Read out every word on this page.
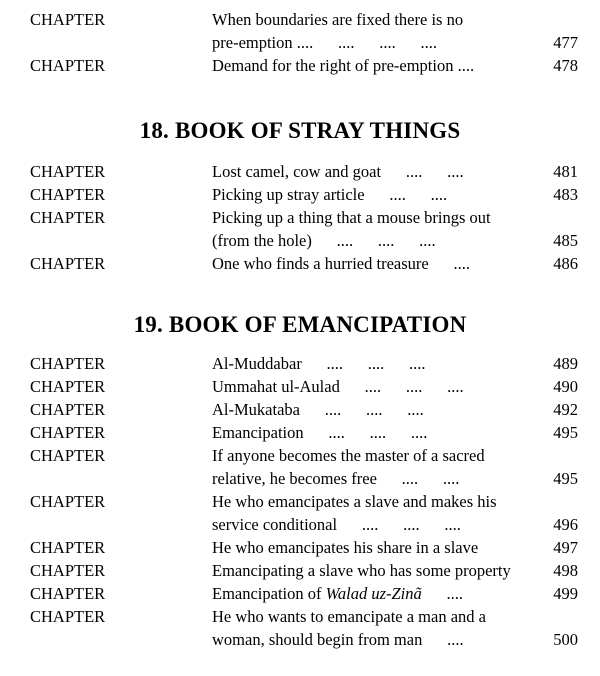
CHAPTER	When boundaries are fixed there is no
pre-emption ....      ....      ....      ....	477
CHAPTER	Demand for the right of pre-emption ....	478
18. BOOK OF STRAY THINGS
CHAPTER	Lost camel, cow and goat      ....      ....	481
CHAPTER	Picking up stray article      ....      ....	483
CHAPTER	Picking up a thing that a mouse brings out
(from the hole)      ....      ....      ....	485
CHAPTER	One who finds a hurried treasure      ....	486
19. BOOK OF EMANCIPATION
CHAPTER	Al-Muddabar      ....      ....      ....	489
CHAPTER	Ummahat ul-Aulad      ....      ....      ....	490
CHAPTER	Al-Mukataba      ....      ....      ....	492
CHAPTER	Emancipation      ....      ....      ....	495
CHAPTER	If anyone becomes the master of a sacred
relative, he becomes free      ....      ....	495
CHAPTER	He who emancipates a slave and makes his
service conditional      ....      ....      ....	496
CHAPTER	He who emancipates his share in a slave	497
CHAPTER	Emancipating a slave who has some property	498
CHAPTER	Emancipation of Walad uz-Zinã      ....	499
CHAPTER	He who wants to emancipate a man and a
woman, should begin from man      ....	500
